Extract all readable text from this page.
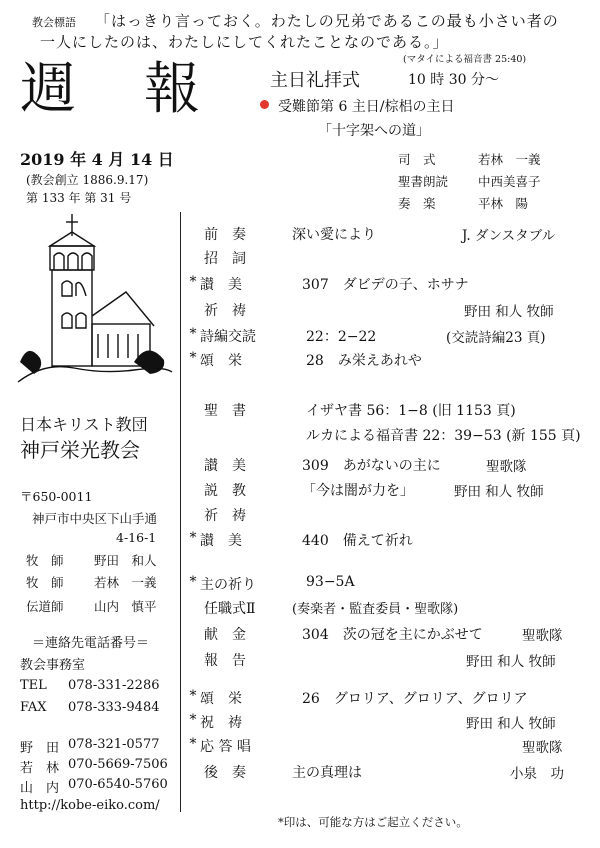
教会標語 「はっきり言っておく。わたしの兄弟であるこの最も小さい者の
一人にしたのは、わたしにしてくれたことなのである。」
(マタイによる福音書 25:40)
週　報
2019 年 4 月 14 日
(教会創立 1886.9.17)
第 133 年 第 31 号
主日礼拝式	10 時 30 分～
受難節第 6 主日/棕梠の主日
「十字架への道」
司　式	若林　一義
聖書朗読 中西美喜子
奏　楽	平林　陽
日本キリスト教団
神戸栄光教会
〒650-0011
神戸市中央区下山手通
4-16-1
牧　師 野田　和人
牧　師 若林　一義
伝道師 山内　慎平
＝連絡先電話番号＝
教会事務室
TEL 078-331-2286
FAX 078-333-9484
野　田 078-321-0577
若　林 070-5669-7506
山　内 070-6540-5760
http://kobe-eiko.com/
前　奏	深い愛により	J. ダンスタブル
招　詞
* 讃　美	307　ダビデの子、ホサナ
祈　祷	野田 和人 牧師
* 詩編交読	22：2−22	(交読詩編23 頁)
* 頌　栄	28　み栄えあれや
聖　書	イザヤ書 56：1−8 (旧 1153 頁)
ルカによる福音書 22：39−53 (新 155 頁)
讃　美	309　あがないの主に	聖歌隊
説　教	「今は闇が力を」	野田 和人 牧師
祈　祷
* 讃　美	440　備えて祈れ
* 主の祈り	93−5A
任職式Ⅱ	(奏楽者・監査委員・聖歌隊)
献　金	304　茨の冠を主にかぶせて	聖歌隊
報　告	野田 和人 牧師
* 頌　栄	26　グロリア、グロリア、グロリア
* 祝　祷	野田 和人 牧師
* 応 答 唱	聖歌隊
後　奏	主の真理は	小泉　功
*印は、可能な方はご起立ください。
